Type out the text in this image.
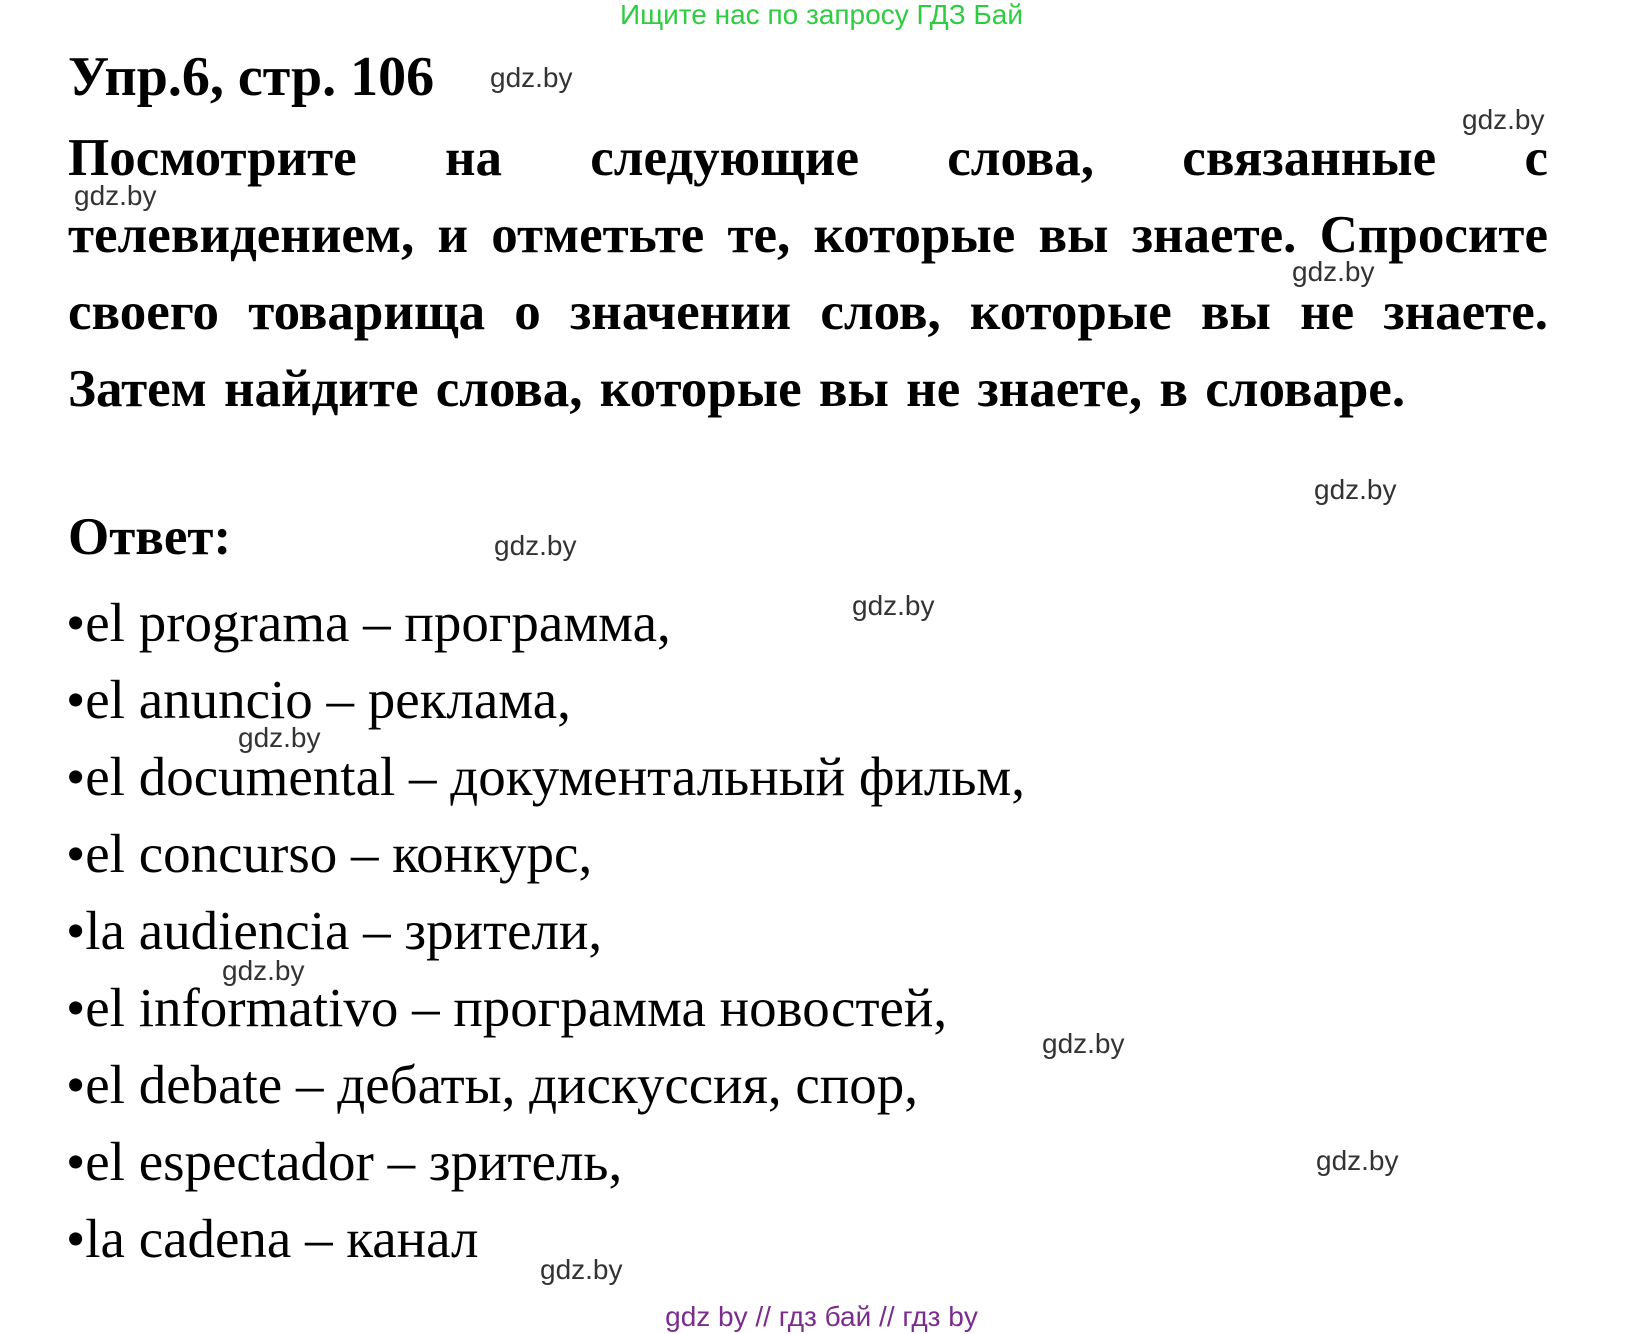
Ищите нас по запросу ГДЗ Бай
Упр.6, стр. 106
Посмотрите на следующие слова, связанные с телевидением, и отметьте те, которые вы знаете. Спросите своего товарища о значении слов, которые вы не знаете. Затем найдите слова, которые вы не знаете, в словаре.
Ответ:
•el programa – программа,
•el anuncio – реклама,
•el documental – документальный фильм,
•el concurso – конкурс,
•la audiencia – зрители,
•el informativo – программа новостей,
•el debate – дебаты, дискуссия, спор,
•el espectador – зритель,
•la cadena – канал
gdz.by
gdz.by
gdz.by
gdz.by
gdz.by
gdz.by
gdz.by
gdz.by
gdz.by
gdz.by
gdz.by
gdz.by
gdz by // гдз бай // гдз by
